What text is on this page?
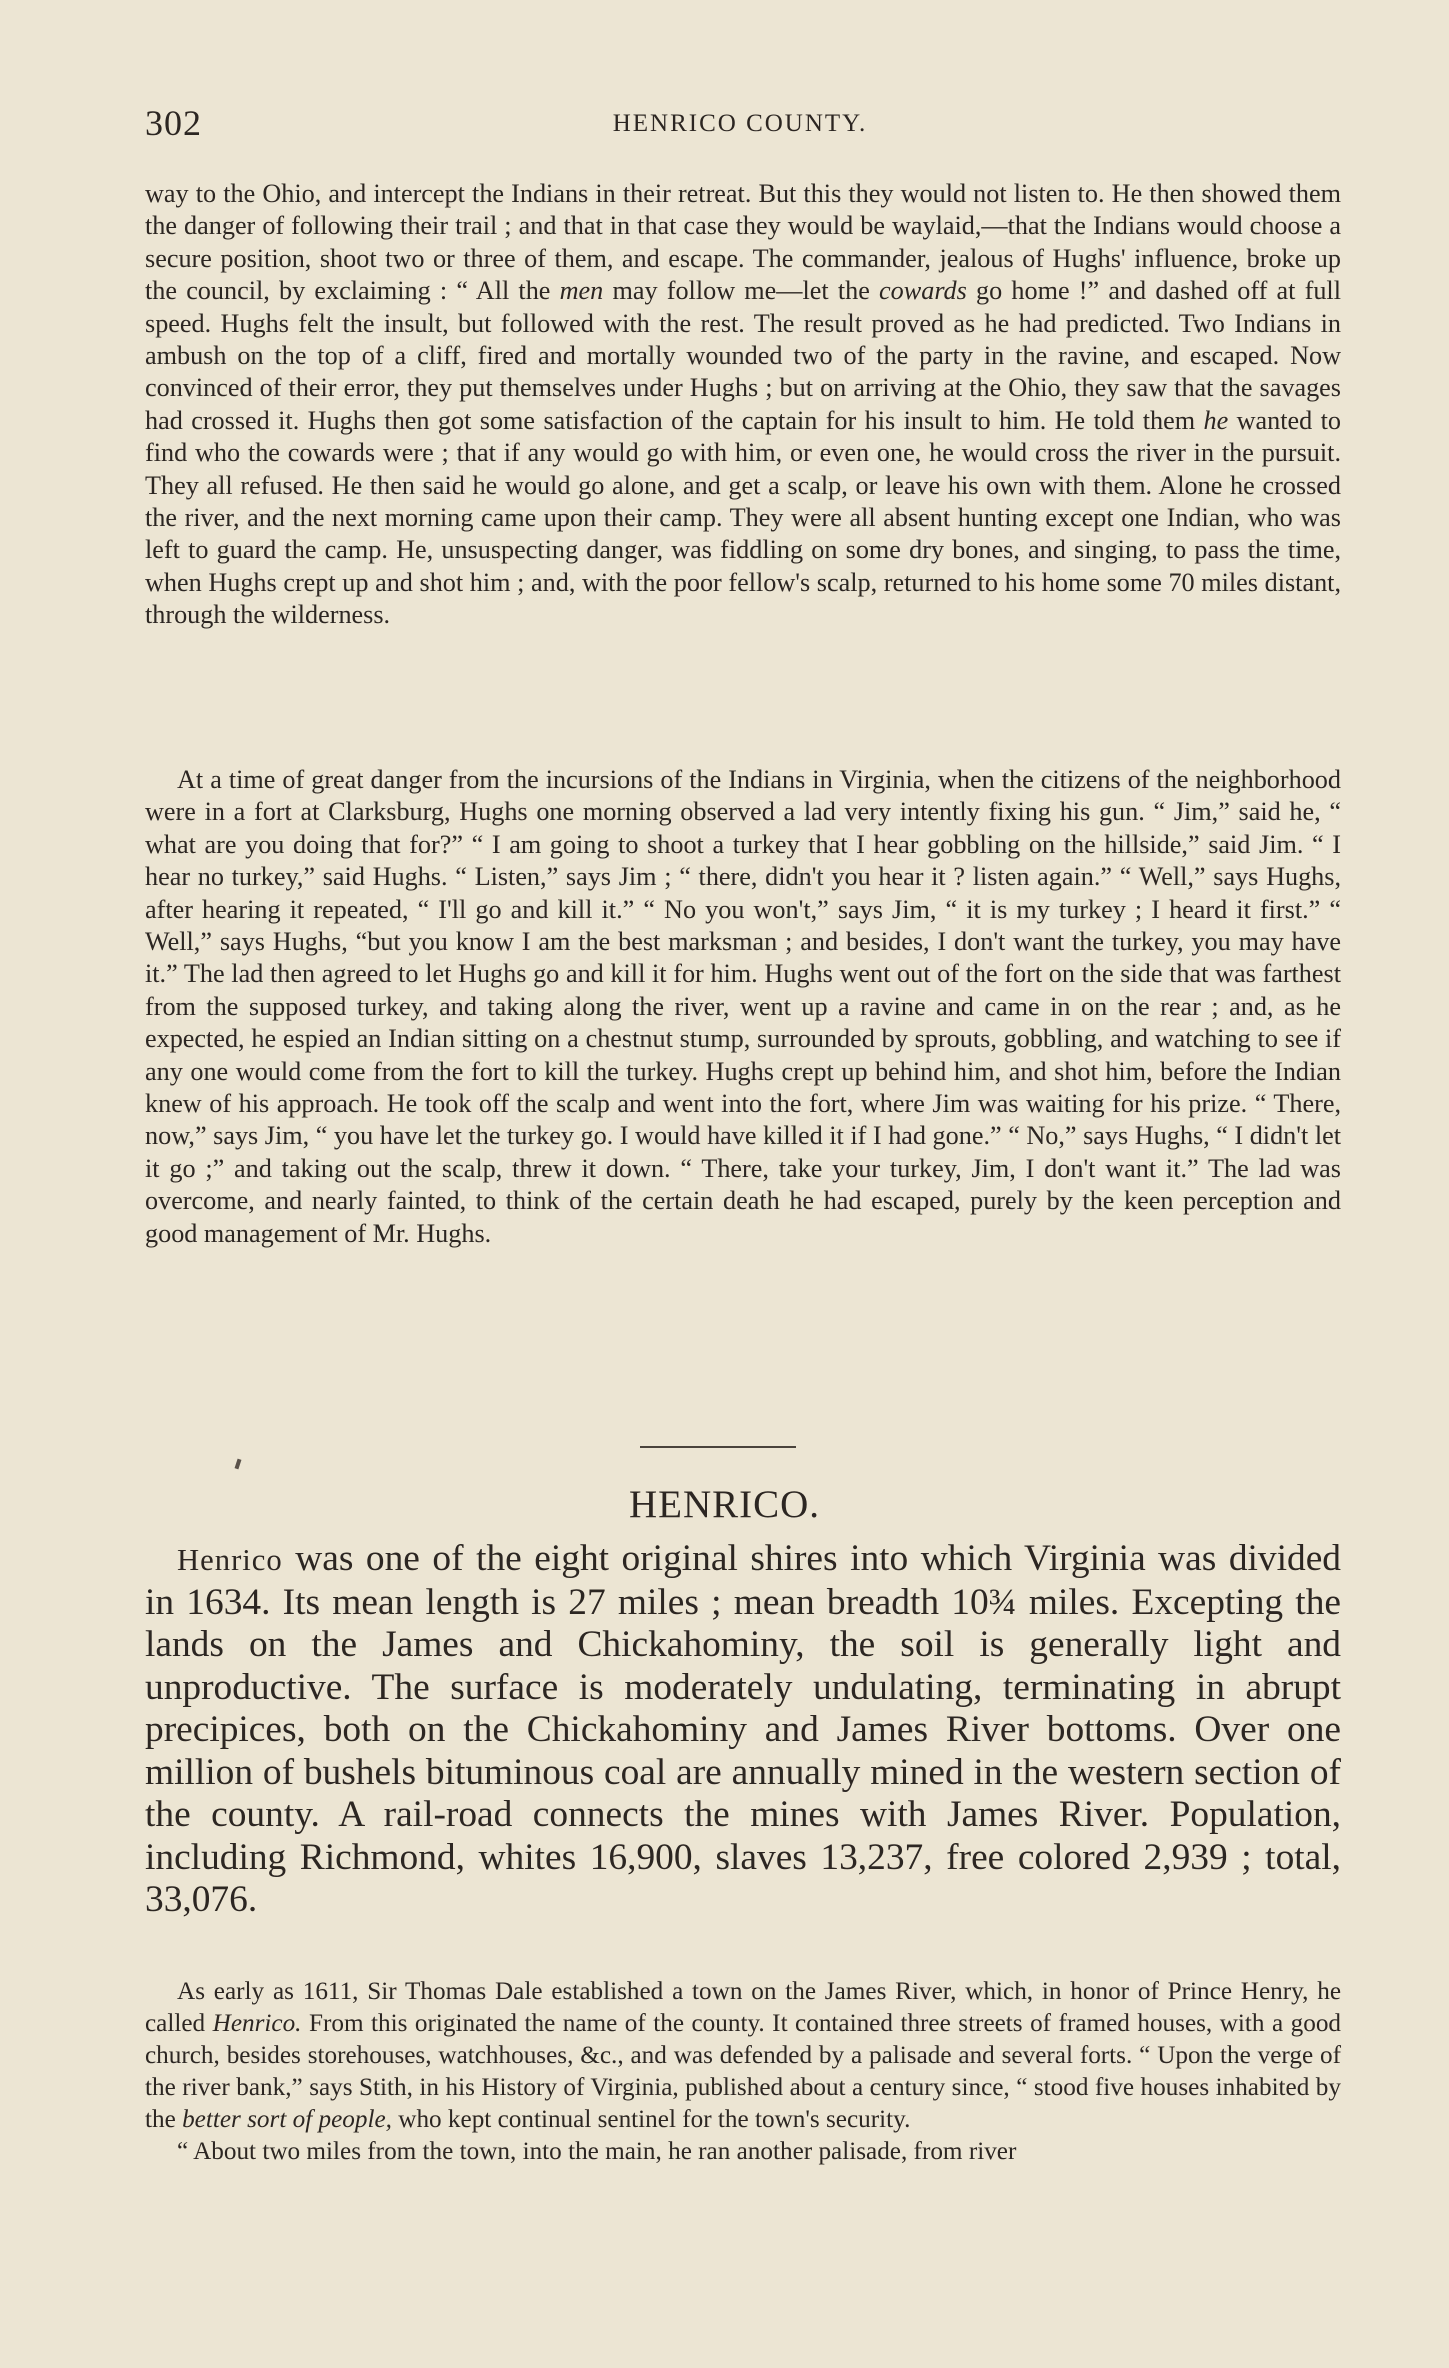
302	HENRICO COUNTY.

way to the Ohio, and intercept the Indians in their retreat. But this they would not listen to. He then showed them the danger of following their trail ; and that in that case they would be waylaid,—that the Indians would choose a secure position, shoot two or three of them, and escape. The commander, jealous of Hughs' influence, broke up the council, by exclaiming : “ All the men may follow me—let the cowards go home !” and dashed off at full speed. Hughs felt the insult, but followed with the rest. The result proved as he had predicted. Two Indians in ambush on the top of a cliff, fired and mortally wounded two of the party in the ravine, and escaped. Now convinced of their error, they put themselves under Hughs ; but on arriving at the Ohio, they saw that the savages had crossed it. Hughs then got some satisfaction of the captain for his insult to him. He told them he wanted to find who the cowards were ; that if any would go with him, or even one, he would cross the river in the pursuit. They all refused. He then said he would go alone, and get a scalp, or leave his own with them. Alone he crossed the river, and the next morning came upon their camp. They were all absent hunting except one Indian, who was left to guard the camp. He, unsuspecting danger, was fiddling on some dry bones, and singing, to pass the time, when Hughs crept up and shot him ; and, with the poor fellow's scalp, returned to his home some 70 miles distant, through the wilderness.

At a time of great danger from the incursions of the Indians in Virginia, when the citizens of the neighborhood were in a fort at Clarksburg, Hughs one morning observed a lad very intently fixing his gun. “ Jim,” said he, “ what are you doing that for?” “ I am going to shoot a turkey that I hear gobbling on the hillside,” said Jim. “ I hear no turkey,” said Hughs. “ Listen,” says Jim ; “ there, didn't you hear it ? listen again.” “ Well,” says Hughs, after hearing it repeated, “ I'll go and kill it.” “ No you won't,” says Jim, “ it is my turkey ; I heard it first.” “ Well,” says Hughs, “but you know I am the best marksman ; and besides, I don't want the turkey, you may have it.” The lad then agreed to let Hughs go and kill it for him. Hughs went out of the fort on the side that was farthest from the supposed turkey, and taking along the river, went up a ravine and came in on the rear ; and, as he expected, he espied an Indian sitting on a chestnut stump, surrounded by sprouts, gobbling, and watching to see if any one would come from the fort to kill the turkey. Hughs crept up behind him, and shot him, before the Indian knew of his approach. He took off the scalp and went into the fort, where Jim was waiting for his prize. “ There, now,” says Jim, “ you have let the turkey go. I would have killed it if I had gone.” “ No,” says Hughs, “ I didn't let it go ;” and taking out the scalp, threw it down. “ There, take your turkey, Jim, I don't want it.” The lad was overcome, and nearly fainted, to think of the certain death he had escaped, purely by the keen perception and good management of Mr. Hughs.

HENRICO.

Henrico was one of the eight original shires into which Virginia was divided in 1634. Its mean length is 27 miles ; mean breadth 10¾ miles. Excepting the lands on the James and Chickahominy, the soil is generally light and unproductive. The surface is moderately undulating, terminating in abrupt precipices, both on the Chickahominy and James River bottoms. Over one million of bushels bituminous coal are annually mined in the western section of the county. A rail-road connects the mines with James River. Population, including Richmond, whites 16,900, slaves 13,237, free colored 2,939 ; total, 33,076.

As early as 1611, Sir Thomas Dale established a town on the James River, which, in honor of Prince Henry, he called Henrico. From this originated the name of the county. It contained three streets of framed houses, with a good church, besides storehouses, watchhouses, &c., and was defended by a palisade and several forts. “ Upon the verge of the river bank,” says Stith, in his History of Virginia, published about a century since, “ stood five houses inhabited by the better sort of people, who kept continual sentinel for the town's security.

“ About two miles from the town, into the main, he ran another palisade, from river
